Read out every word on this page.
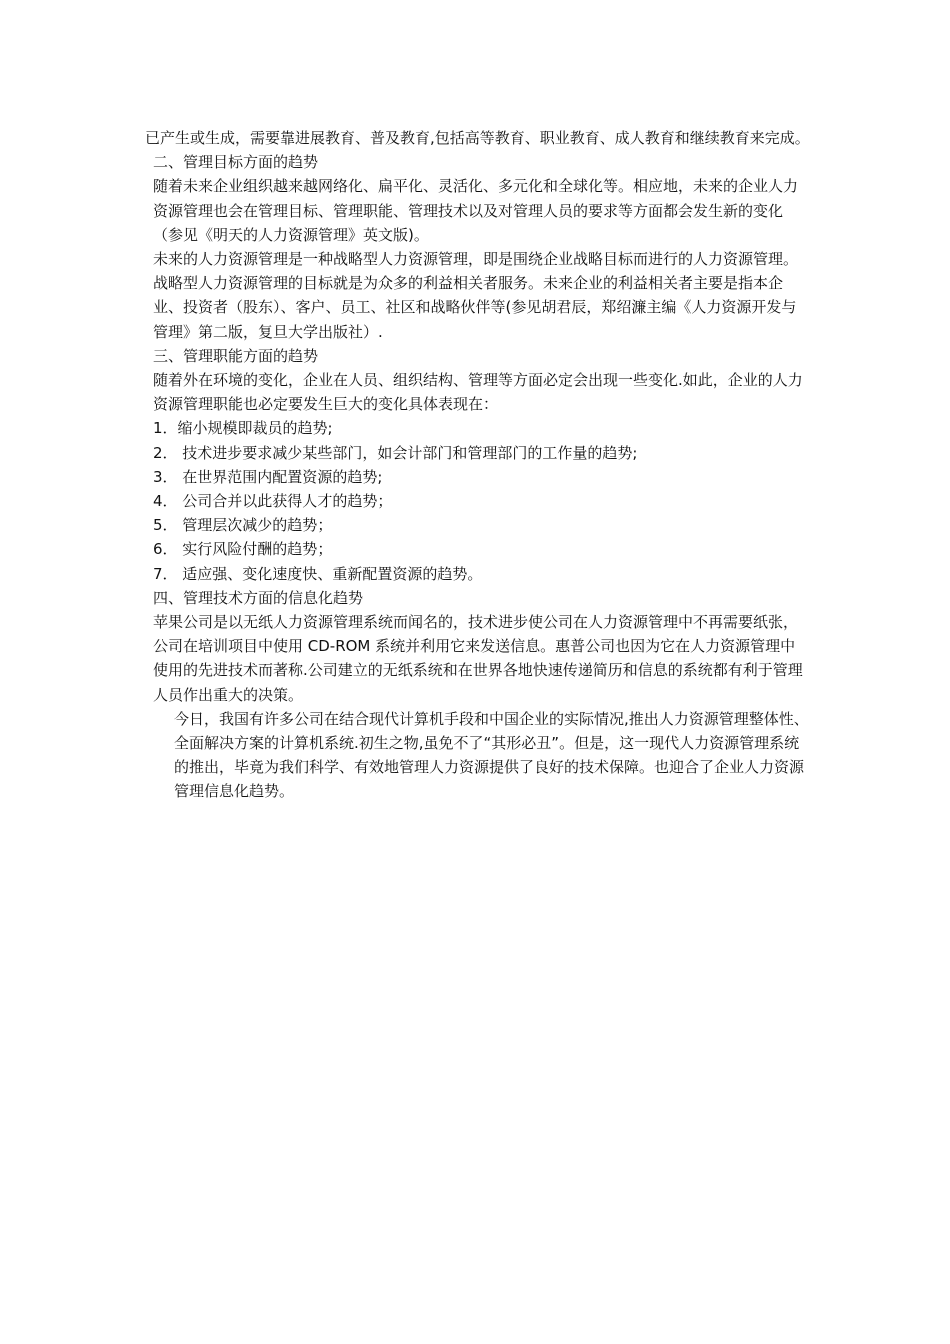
已产生或生成，需要靠进展教育、普及教育,包括高等教育、职业教育、成人教育和继续教育来完成。

二、管理目标方面的趋势

随着未来企业组织越来越网络化、扁平化、灵活化、多元化和全球化等。相应地，未来的企业人力资源管理也会在管理目标、管理职能、管理技术以及对管理人员的要求等方面都会发生新的变化（参见《明天的人力资源管理》英文版)。

未来的人力资源管理是一种战略型人力资源管理，即是围绕企业战略目标而进行的人力资源管理。战略型人力资源管理的目标就是为众多的利益相关者服务。未来企业的利益相关者主要是指本企业、投资者（股东）、客户、员工、社区和战略伙伴等(参见胡君辰，郑绍濂主编《人力资源开发与管理》第二版，复旦大学出版社）.

三、管理职能方面的趋势

随着外在环境的变化，企业在人员、组织结构、管理等方面必定会出现一些变化.如此，企业的人力资源管理职能也必定要发生巨大的变化具体表现在：

1．缩小规模即裁员的趋势;

2． 技术进步要求减少某些部门，如会计部门和管理部门的工作量的趋势;

3． 在世界范围内配置资源的趋势;

4． 公司合并以此获得人才的趋势；

5． 管理层次减少的趋势；

6． 实行风险付酬的趋势；

7． 适应强、变化速度快、重新配置资源的趋势。

四、管理技术方面的信息化趋势

苹果公司是以无纸人力资源管理系统而闻名的，技术进步使公司在人力资源管理中不再需要纸张，公司在培训项目中使用 CD-ROM 系统并利用它来发送信息。惠普公司也因为它在人力资源管理中使用的先进技术而著称.公司建立的无纸系统和在世界各地快速传递简历和信息的系统都有利于管理人员作出重大的决策。

今日，我国有许多公司在结合现代计算机手段和中国企业的实际情况,推出人力资源管理整体性、全面解决方案的计算机系统.初生之物,虽免不了“其形必丑”。但是，这一现代人力资源管理系统的推出，毕竟为我们科学、有效地管理人力资源提供了良好的技术保障。也迎合了企业人力资源管理信息化趋势。
